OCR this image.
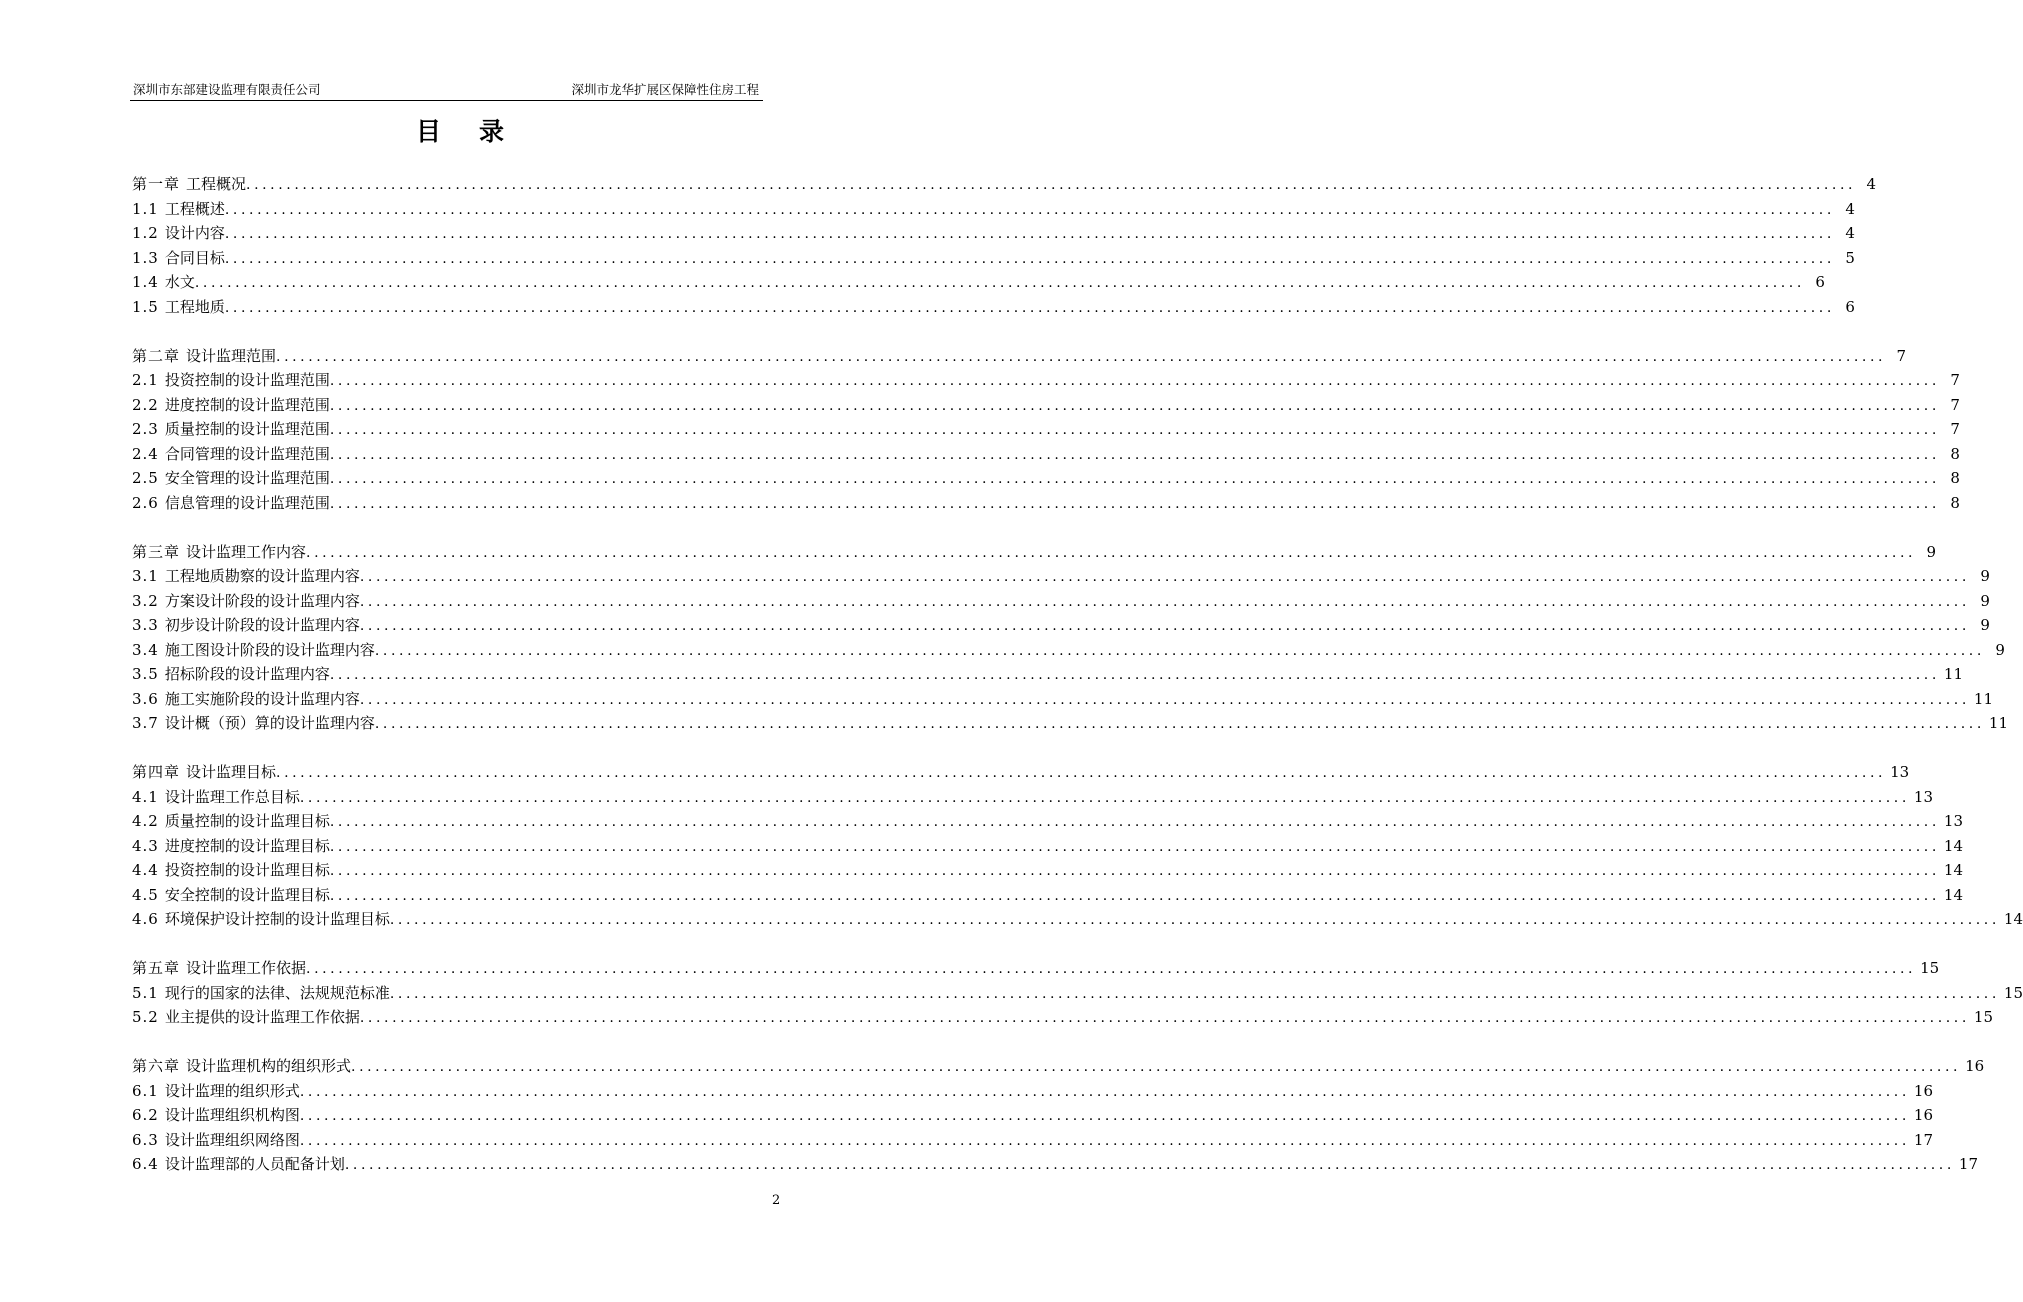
深圳市东部建设监理有限责任公司	深圳市龙华扩展区保障性住房工程
目录
第一章 工程概况 ........................................................................................................................................................................................................ 4
1.1 工程概述 ........................................................................................................................................................................................................ 4
1.2 设计内容 ........................................................................................................................................................................................................ 4
1.3 合同目标 ........................................................................................................................................................................................................ 5
1.4 水文 ........................................................................................................................................................................................................ 6
1.5 工程地质 ........................................................................................................................................................................................................ 6
第二章 设计监理范围 ........................................................................................................................................................................................................ 7
2.1 投资控制的设计监理范围 ........................................................................................................................................................................................................ 7
2.2 进度控制的设计监理范围 ........................................................................................................................................................................................................ 7
2.3 质量控制的设计监理范围 ........................................................................................................................................................................................................ 7
2.4 合同管理的设计监理范围 ........................................................................................................................................................................................................ 8
2.5 安全管理的设计监理范围 ........................................................................................................................................................................................................ 8
2.6 信息管理的设计监理范围 ........................................................................................................................................................................................................ 8
第三章 设计监理工作内容 ........................................................................................................................................................................................................ 9
3.1 工程地质勘察的设计监理内容 ........................................................................................................................................................................................................ 9
3.2 方案设计阶段的设计监理内容 ........................................................................................................................................................................................................ 9
3.3 初步设计阶段的设计监理内容 ........................................................................................................................................................................................................ 9
3.4 施工图设计阶段的设计监理内容 ........................................................................................................................................................................................................ 9
3.5 招标阶段的设计监理内容 ........................................................................................................................................................................................................ 11
3.6 施工实施阶段的设计监理内容 ........................................................................................................................................................................................................ 11
3.7 设计概（预）算的设计监理内容 ........................................................................................................................................................................................................ 11
第四章 设计监理目标 ........................................................................................................................................................................................................ 13
4.1 设计监理工作总目标 ........................................................................................................................................................................................................ 13
4.2 质量控制的设计监理目标 ........................................................................................................................................................................................................ 13
4.3 进度控制的设计监理目标 ........................................................................................................................................................................................................ 14
4.4 投资控制的设计监理目标 ........................................................................................................................................................................................................ 14
4.5 安全控制的设计监理目标 ........................................................................................................................................................................................................ 14
4.6 环境保护设计控制的设计监理目标 ........................................................................................................................................................................................................ 14
第五章 设计监理工作依据 ........................................................................................................................................................................................................ 15
5.1 现行的国家的法律、法规规范标准 ........................................................................................................................................................................................................ 15
5.2 业主提供的设计监理工作依据 ........................................................................................................................................................................................................ 15
第六章 设计监理机构的组织形式 ........................................................................................................................................................................................................ 16
6.1 设计监理的组织形式 ........................................................................................................................................................................................................ 16
6.2 设计监理组织机构图 ........................................................................................................................................................................................................ 16
6.3 设计监理组织网络图 ........................................................................................................................................................................................................ 17
6.4 设计监理部的人员配备计划 ........................................................................................................................................................................................................ 17
2
